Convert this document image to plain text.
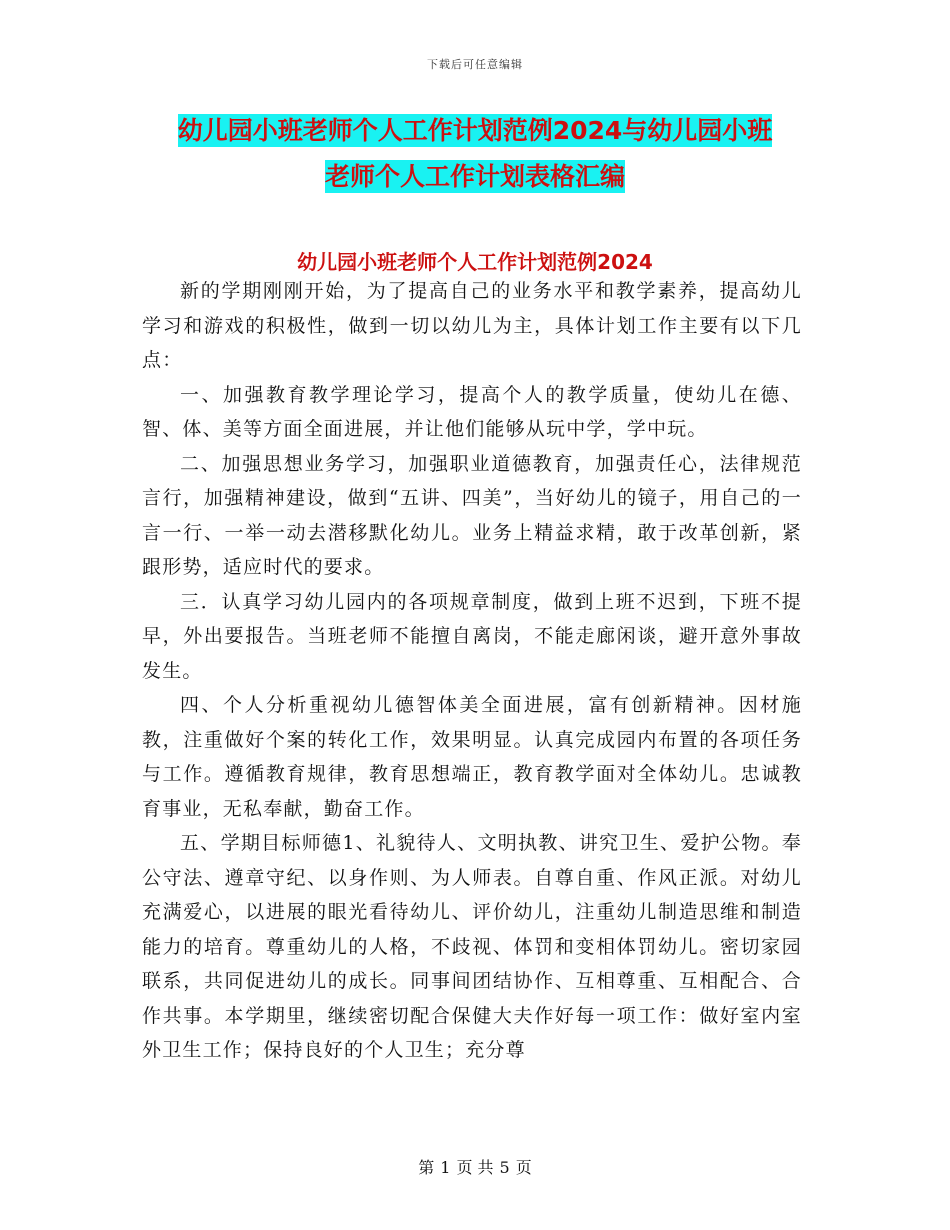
下载后可任意编辑
幼儿园小班老师个人工作计划范例2024与幼儿园小班
老师个人工作计划表格汇编
幼儿园小班老师个人工作计划范例2024

新的学期刚刚开始，为了提高自己的业务水平和教学素养，提高幼儿学习和游戏的积极性，做到一切以幼儿为主，具体计划工作主要有以下几点：

一、加强教育教学理论学习，提高个人的教学质量，使幼儿在德、智、体、美等方面全面进展，并让他们能够从玩中学，学中玩。

二、加强思想业务学习，加强职业道德教育，加强责任心，法律规范言行，加强精神建设，做到“五讲、四美”，当好幼儿的镜子，用自己的一言一行、一举一动去潜移默化幼儿。业务上精益求精，敢于改革创新，紧跟形势，适应时代的要求。

三．认真学习幼儿园内的各项规章制度，做到上班不迟到，下班不提早，外出要报告。当班老师不能擅自离岗，不能走廊闲谈，避开意外事故发生。

四、个人分析重视幼儿德智体美全面进展，富有创新精神。因材施教，注重做好个案的转化工作，效果明显。认真完成园内布置的各项任务与工作。遵循教育规律，教育思想端正，教育教学面对全体幼儿。忠诚教育事业，无私奉献，勤奋工作。

五、学期目标师德1、礼貌待人、文明执教、讲究卫生、爱护公物。奉公守法、遵章守纪、以身作则、为人师表。自尊自重、作风正派。对幼儿充满爱心，以进展的眼光看待幼儿、评价幼儿，注重幼儿制造思维和制造能力的培育。尊重幼儿的人格，不歧视、体罚和变相体罚幼儿。密切家园联系，共同促进幼儿的成长。同事间团结协作、互相尊重、互相配合、合作共事。本学期里，继续密切配合保健大夫作好每一项工作：做好室内室外卫生工作；保持良好的个人卫生；充分尊

第 1 页 共 5 页
